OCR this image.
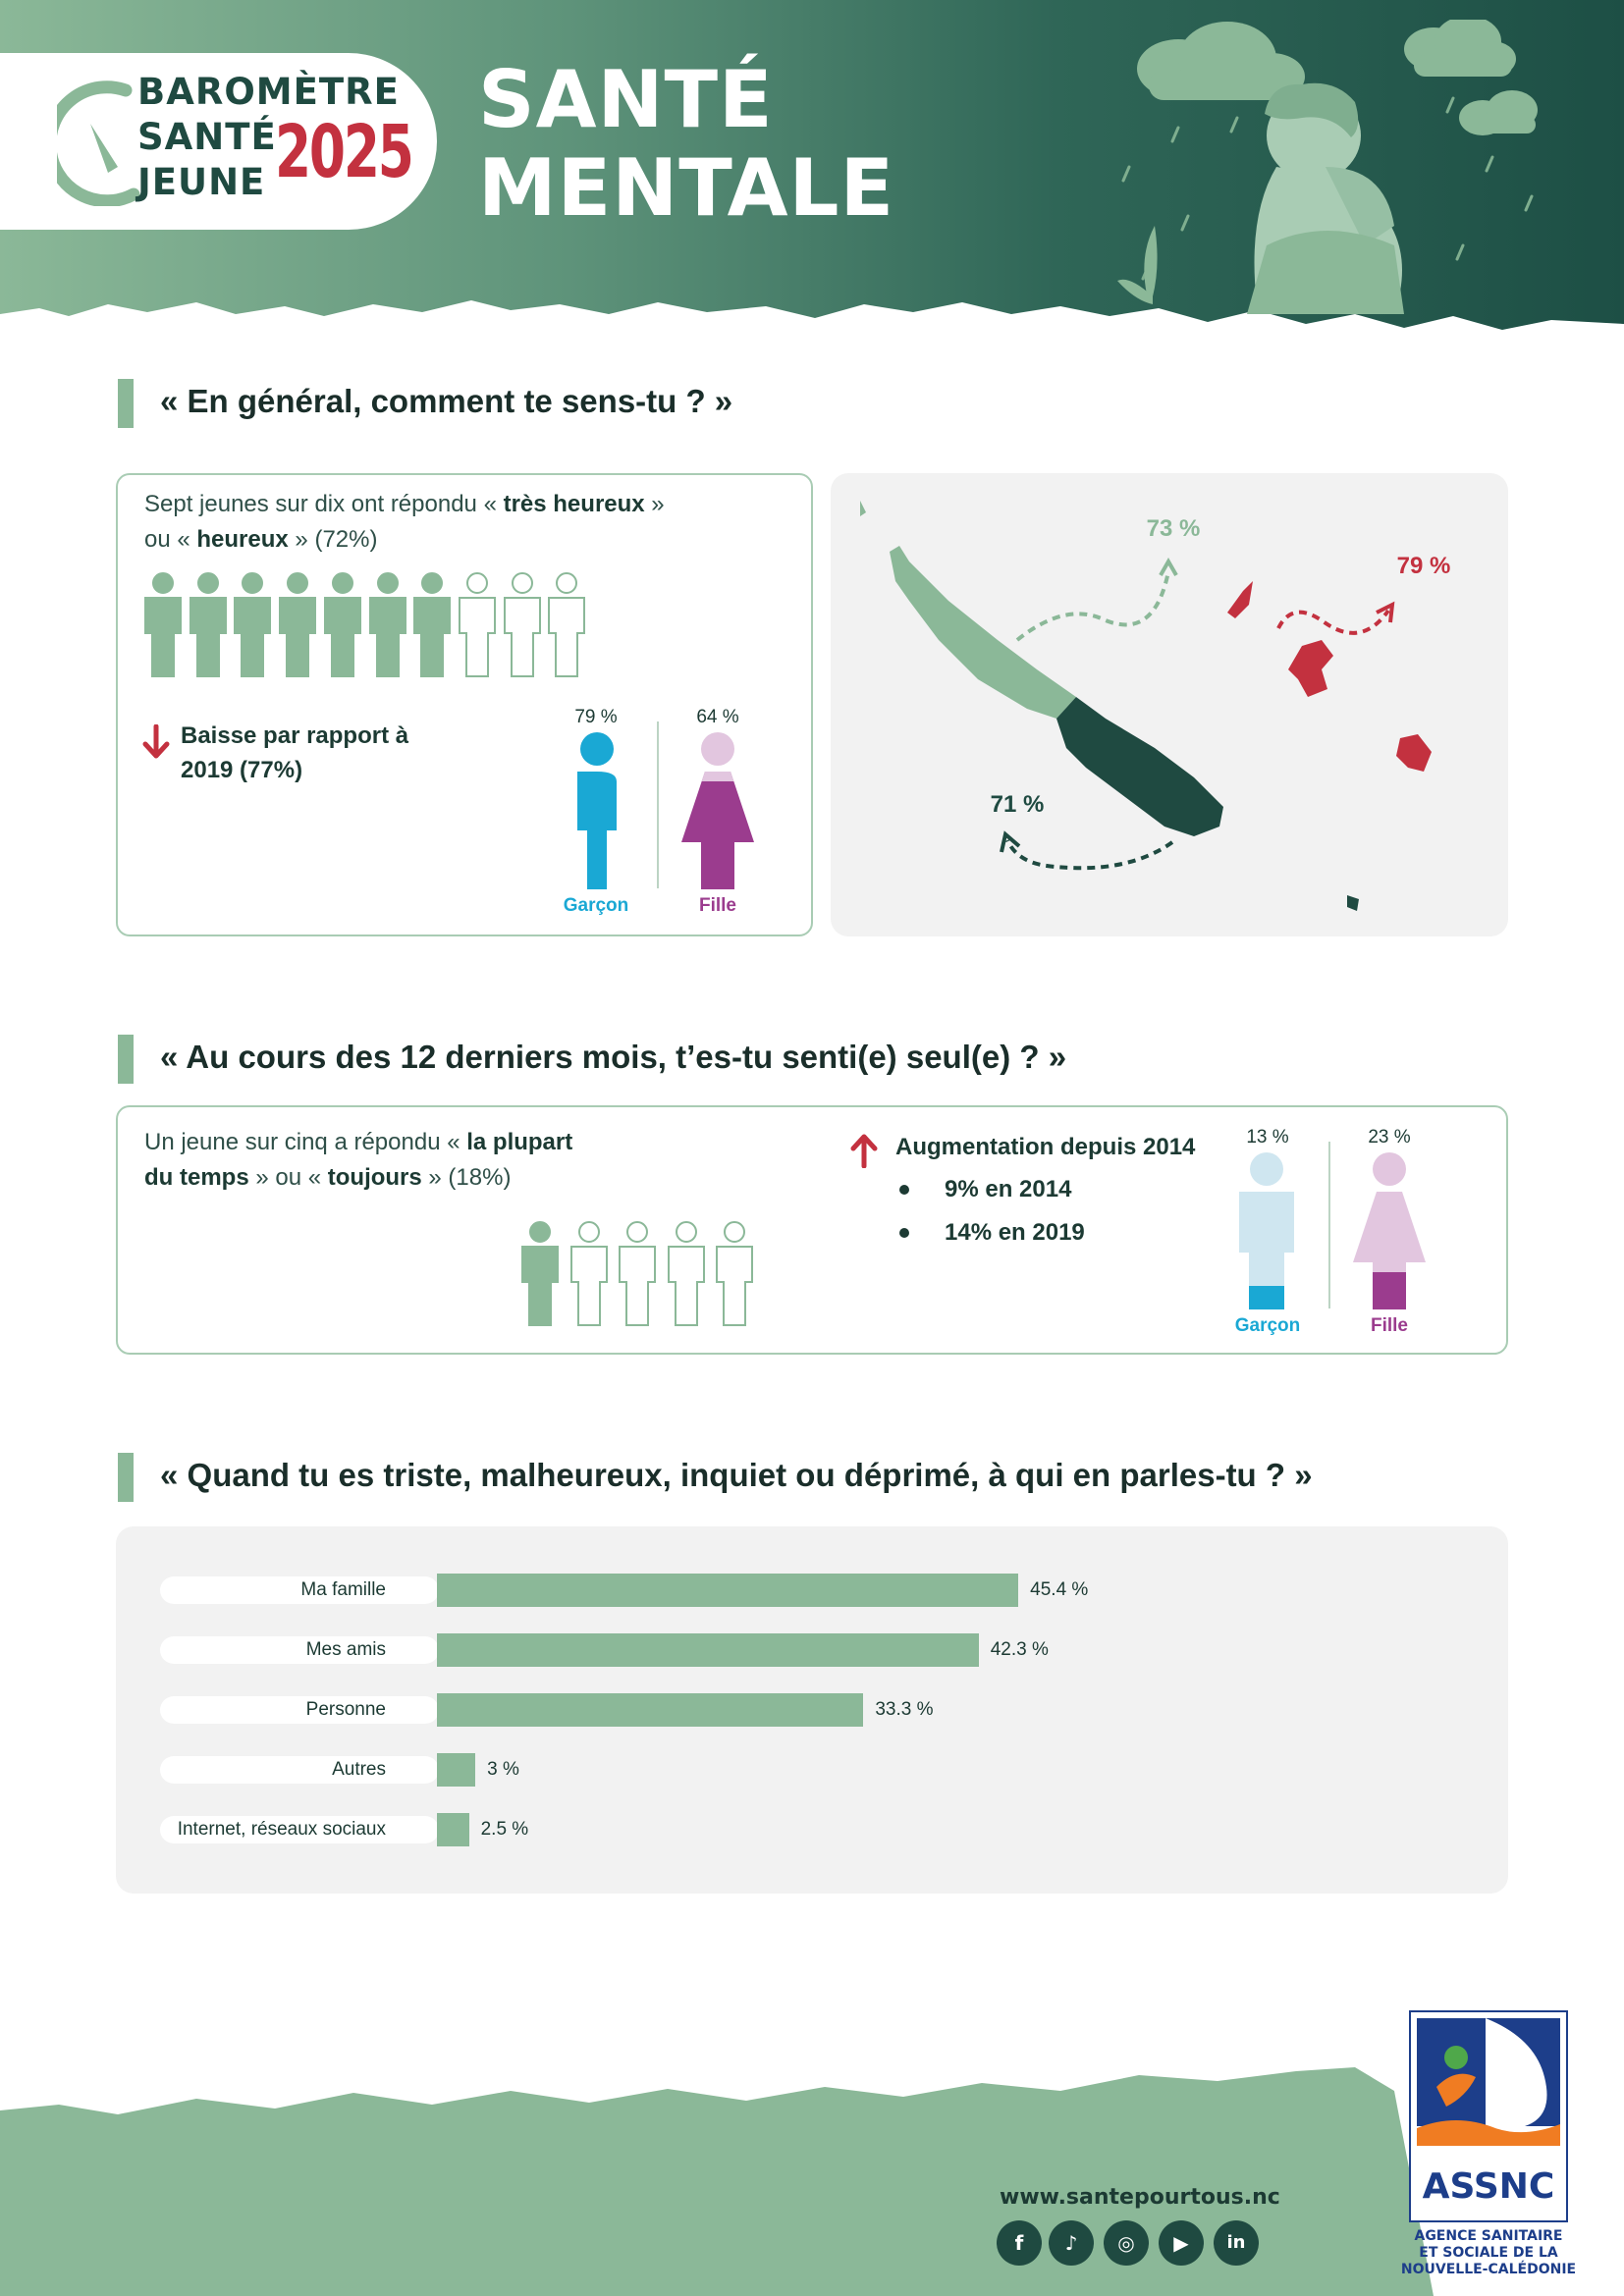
BAROMÈTRE
SANTÉ
JEUNE 2025
SANTÉ
MENTALE
« En général, comment te sens-tu ? »
Sept jeunes sur dix ont répondu « très heureux »
ou « heureux » (72%)
Baisse par rapport à
2019 (77%)
79 %	64 %
Garçon	Fille
73 %
79 %
71 %
« Au cours des 12 derniers mois, t’es-tu senti(e) seul(e) ? »
Un jeune sur cinq a répondu « la plupart
du temps » ou « toujours » (18%)
Augmentation depuis 2014
9% en 2014
14% en 2019
13 %	23 %
Garçon	Fille
« Quand tu es triste, malheureux, inquiet ou déprimé, à qui en parles-tu ? »
Ma famille	45.4 %
Mes amis	42.3 %
Personne	33.3 %
Autres	3 %
Internet, réseaux sociaux	2.5 %
www.santepourtous.nc
f	♪	◎	▶	in
ASSNC
AGENCE SANITAIRE
ET SOCIALE DE LA
NOUVELLE-CALÉDONIE
